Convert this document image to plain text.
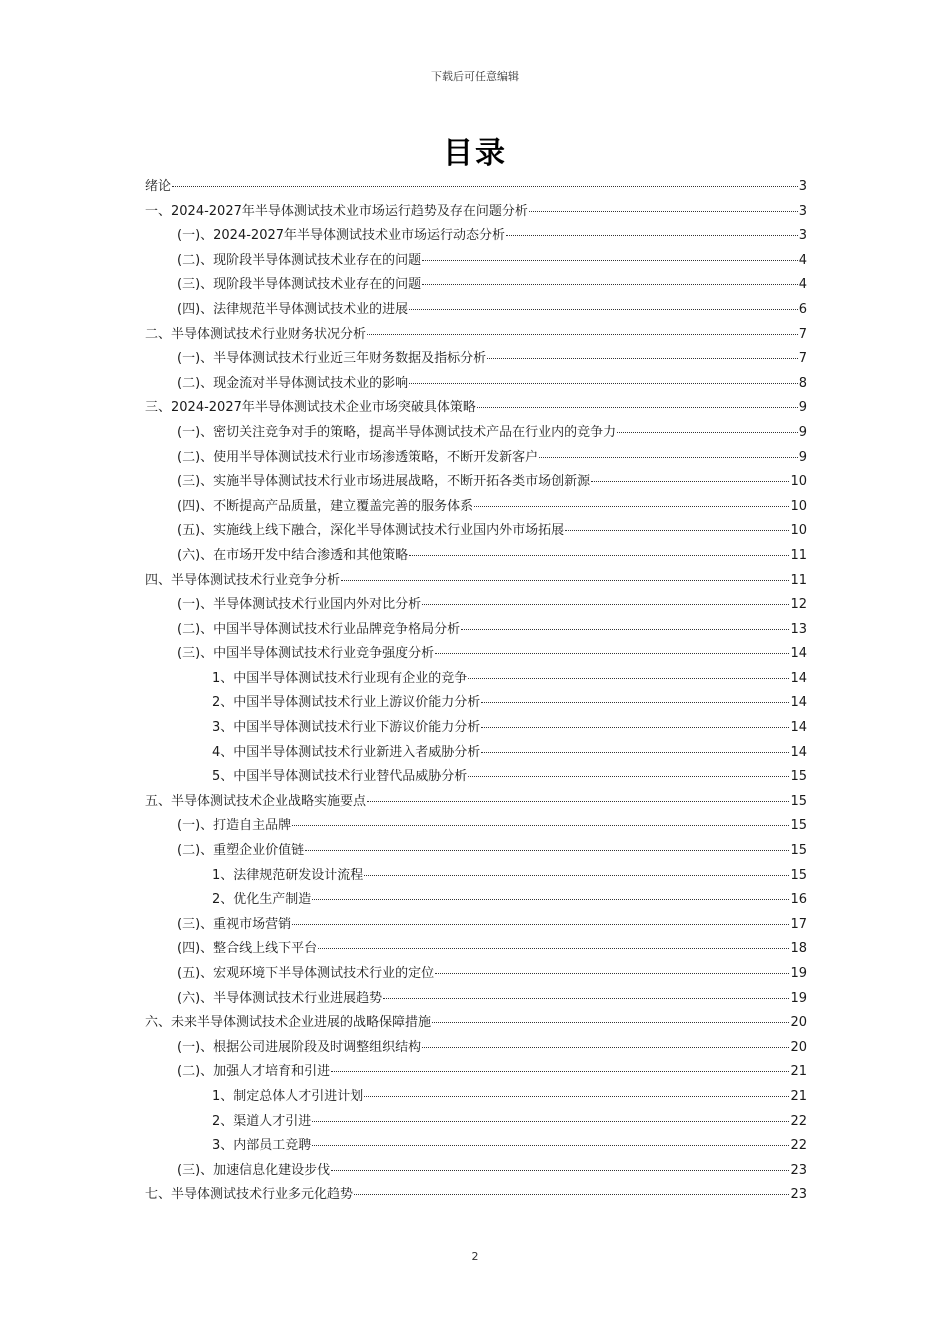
下载后可任意编辑
目录
绪论	3
一、2024-2027年半导体测试技术业市场运行趋势及存在问题分析	3
(一)、2024-2027年半导体测试技术业市场运行动态分析	3
(二)、现阶段半导体测试技术业存在的问题	4
(三)、现阶段半导体测试技术业存在的问题	4
(四)、法律规范半导体测试技术业的进展	6
二、半导体测试技术行业财务状况分析	7
(一)、半导体测试技术行业近三年财务数据及指标分析	7
(二)、现金流对半导体测试技术业的影响	8
三、2024-2027年半导体测试技术企业市场突破具体策略	9
(一)、密切关注竞争对手的策略，提高半导体测试技术产品在行业内的竞争力	9
(二)、使用半导体测试技术行业市场渗透策略，不断开发新客户	9
(三)、实施半导体测试技术行业市场进展战略，不断开拓各类市场创新源	10
(四)、不断提高产品质量，建立覆盖完善的服务体系	10
(五)、实施线上线下融合，深化半导体测试技术行业国内外市场拓展	10
(六)、在市场开发中结合渗透和其他策略	11
四、半导体测试技术行业竞争分析	11
(一)、半导体测试技术行业国内外对比分析	12
(二)、中国半导体测试技术行业品牌竞争格局分析	13
(三)、中国半导体测试技术行业竞争强度分析	14
1、中国半导体测试技术行业现有企业的竞争	14
2、中国半导体测试技术行业上游议价能力分析	14
3、中国半导体测试技术行业下游议价能力分析	14
4、中国半导体测试技术行业新进入者威胁分析	14
5、中国半导体测试技术行业替代品威胁分析	15
五、半导体测试技术企业战略实施要点	15
(一)、打造自主品牌	15
(二)、重塑企业价值链	15
1、法律规范研发设计流程	15
2、优化生产制造	16
(三)、重视市场营销	17
(四)、整合线上线下平台	18
(五)、宏观环境下半导体测试技术行业的定位	19
(六)、半导体测试技术行业进展趋势	19
六、未来半导体测试技术企业进展的战略保障措施	20
(一)、根据公司进展阶段及时调整组织结构	20
(二)、加强人才培育和引进	21
1、制定总体人才引进计划	21
2、渠道人才引进	22
3、内部员工竞聘	22
(三)、加速信息化建设步伐	23
七、半导体测试技术行业多元化趋势	23
2
